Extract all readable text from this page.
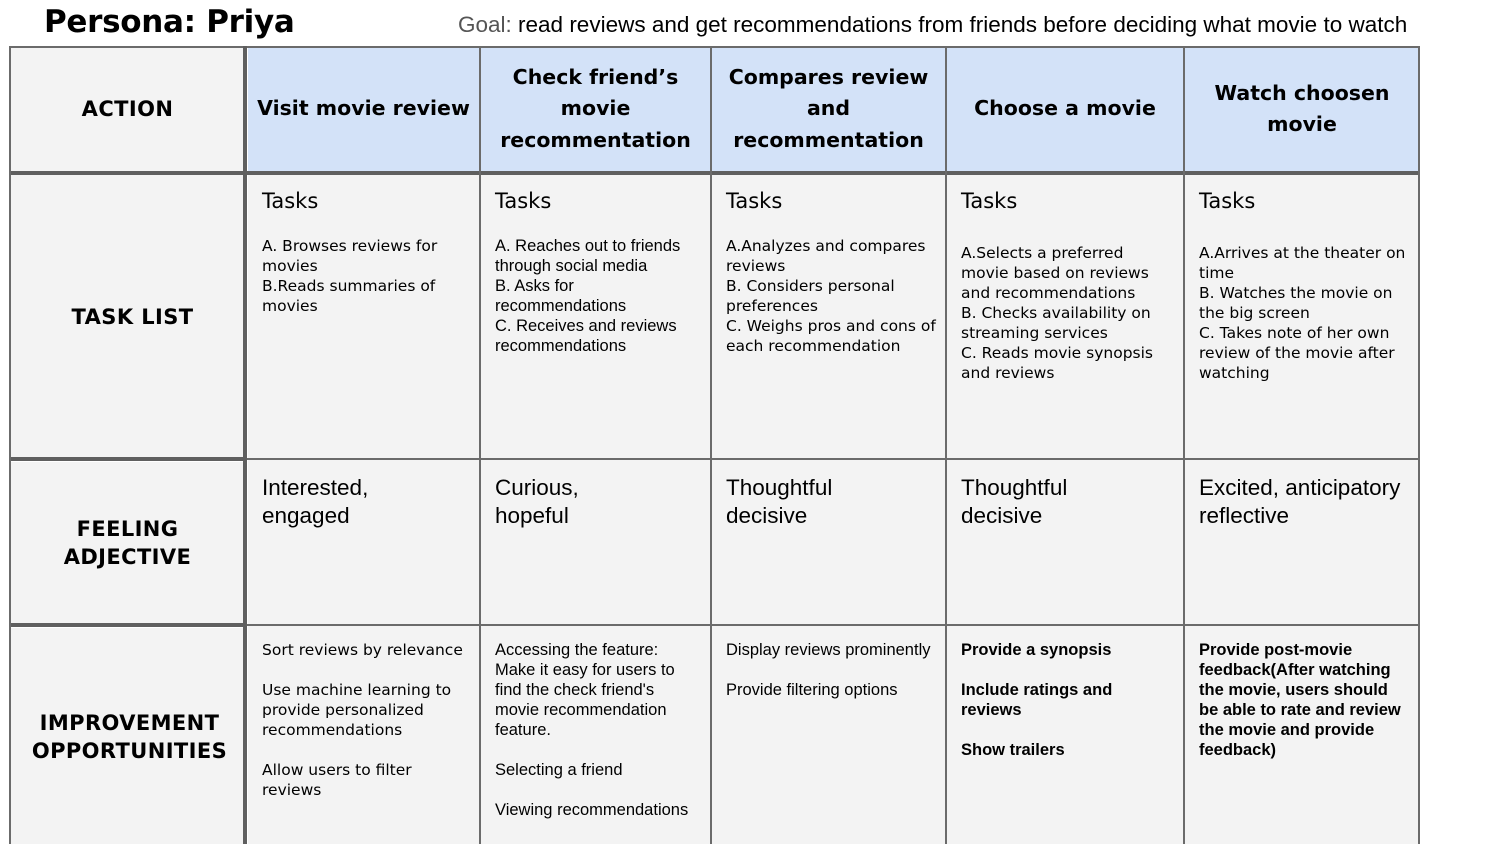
Persona: Priya	Goal: read reviews and get recommendations from friends before deciding what movie to watch
ACTION
TASK LIST
FEELING
ADJECTIVE
IMPROVEMENT
OPPORTUNITIES
Visit movie review
Tasks
A. Browses reviews for movies
B.Reads summaries of movies
Interested,
engaged

Sort reviews by relevance

Use machine learning to provide personalized recommendations

Allow users to filter reviews

Check friend’s movie recommentation
Tasks
A. Reaches out to friends through social media
B. Asks for recommendations
C. Receives and reviews recommendations
Curious,
hopeful

Accessing the feature: Make it easy for users to find the check friend's movie recommendation feature.

Selecting a friend

Viewing recommendations

Compares review and recommentation
Tasks
A.Analyzes and compares reviews
B. Considers personal preferences
C. Weighs pros and cons of each recommendation
Thoughtful
decisive

Display reviews prominently

Provide filtering options

Choose a movie
Tasks
A.Selects a preferred movie based on reviews and recommendations
B. Checks availability on streaming services
C. Reads movie synopsis and reviews
Thoughtful
decisive

Provide a synopsis

Include ratings and reviews

Show trailers

Watch choosen movie
Tasks
A.Arrives at the theater on time
B. Watches the movie on the big screen
C. Takes note of her own review of the movie after watching
Excited, anticipatory
reflective

Provide post-movie feedback(After watching the movie, users should be able to rate and review the movie and provide feedback)
